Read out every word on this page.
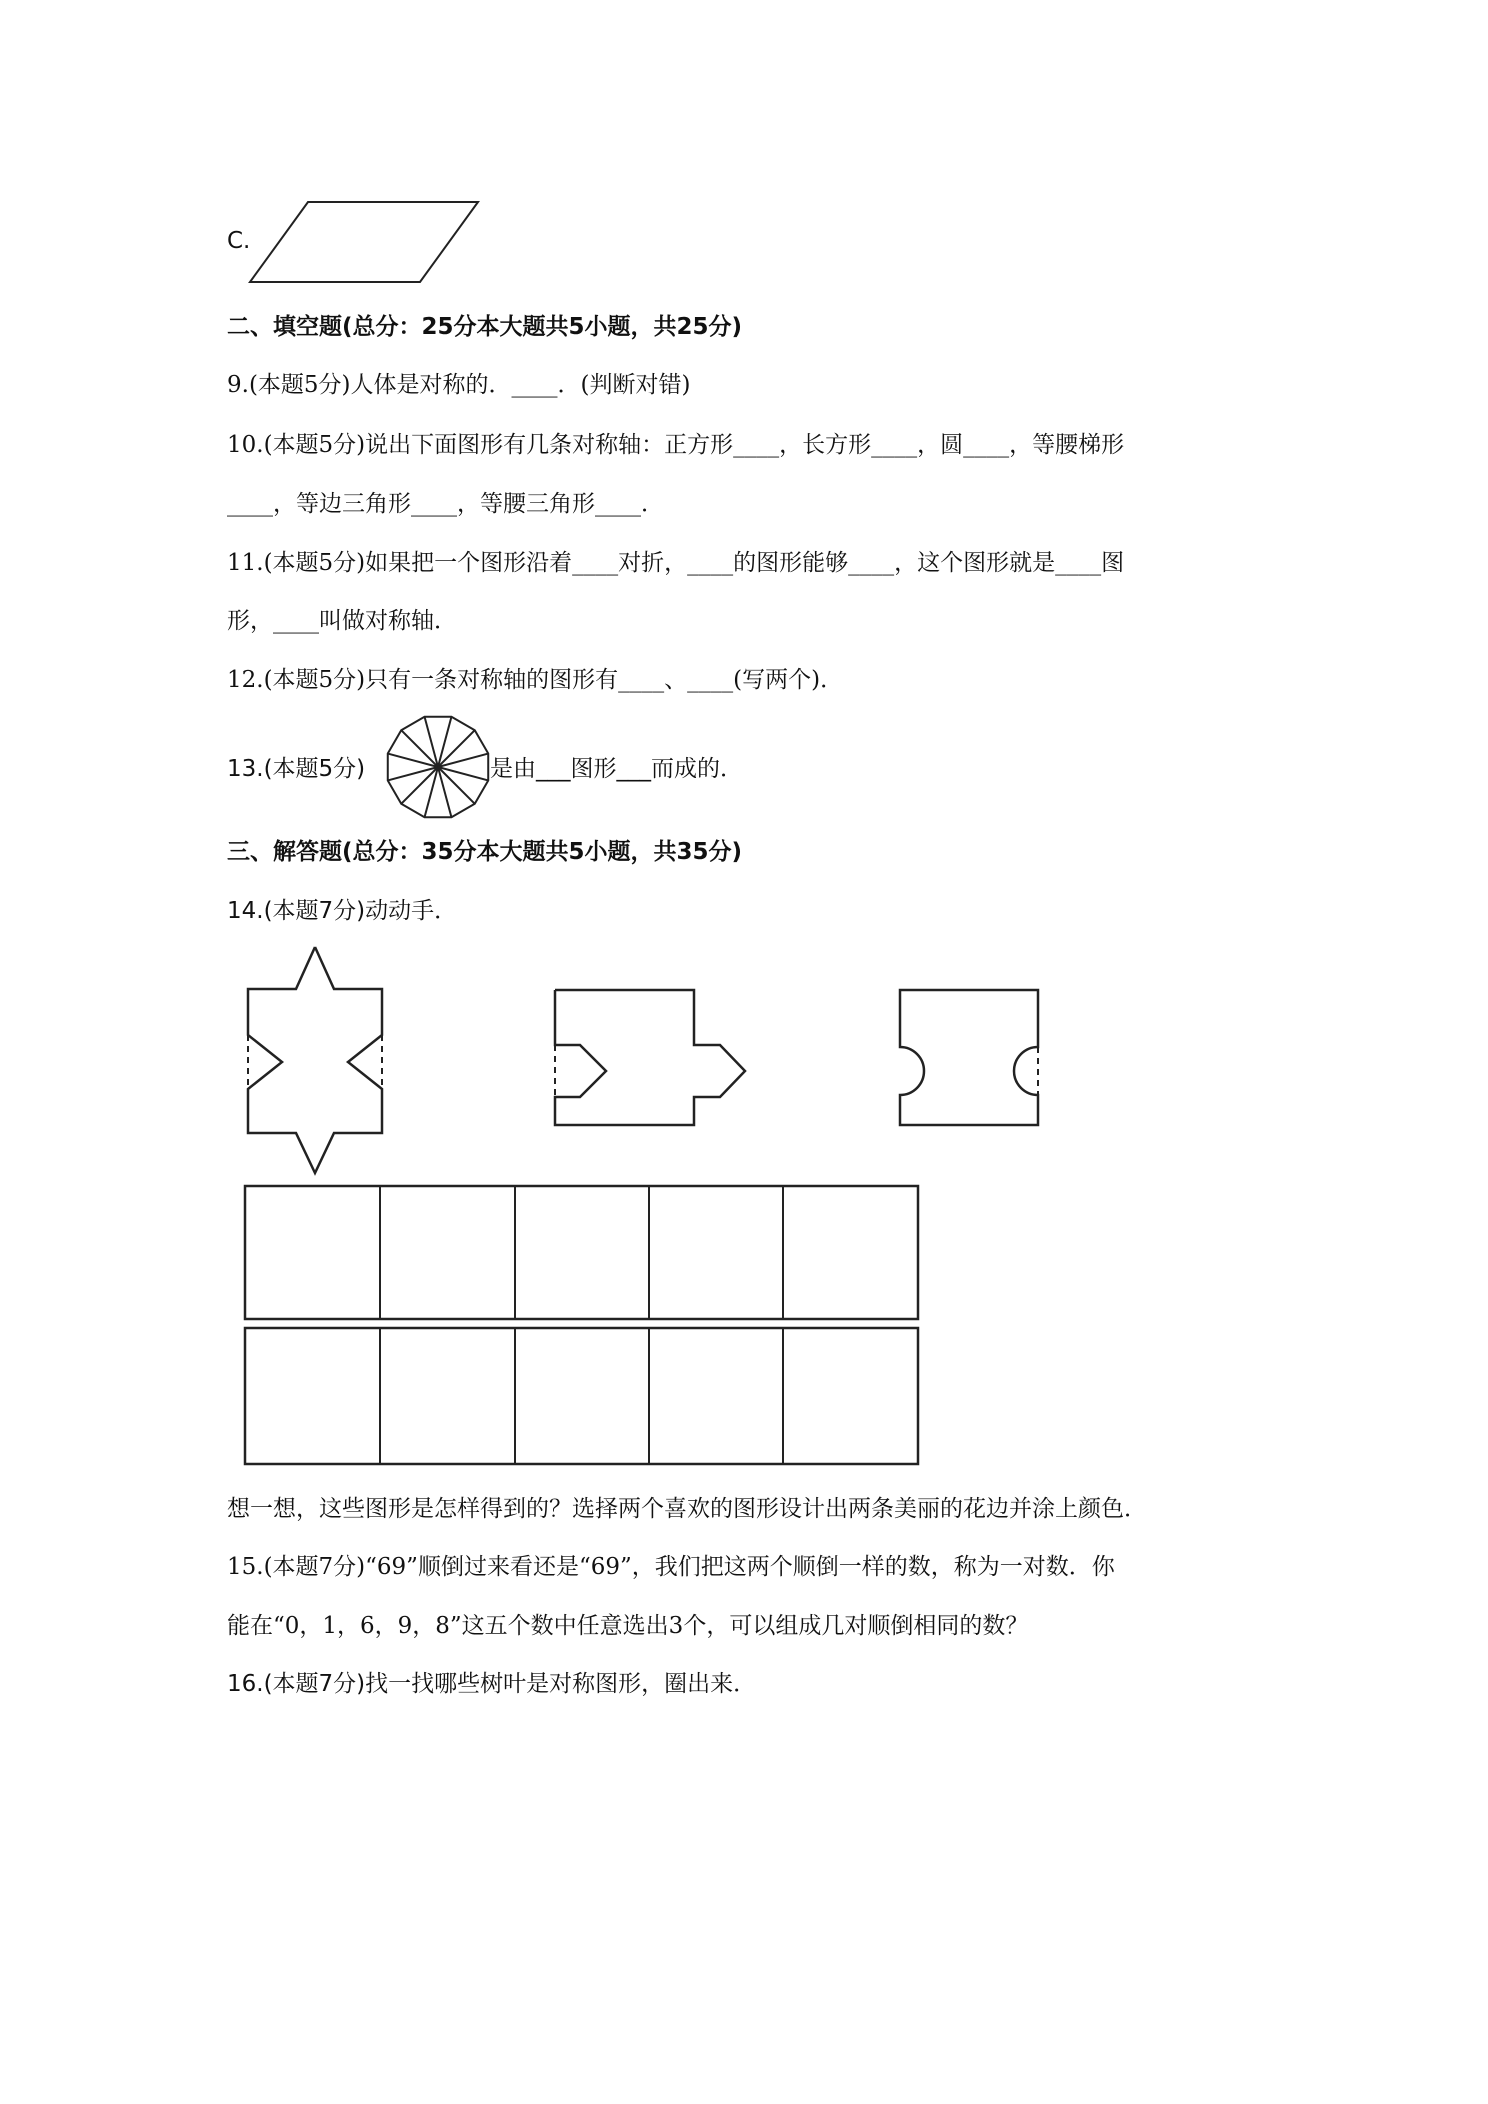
C.
二、填空题(总分：25分本大题共5小题，共25分)
9.(本题5分)人体是对称的．____．(判断对错)
10.(本题5分)说出下面图形有几条对称轴：正方形____，长方形____，圆____，等腰梯形
____，等边三角形____，等腰三角形____．
11.(本题5分)如果把一个图形沿着____对折，____的图形能够____，这个图形就是____图
形，____叫做对称轴．
12.(本题5分)只有一条对称轴的图形有____、____(写两个)．
13.(本题5分)	是由___图形___而成的．
三、解答题(总分：35分本大题共5小题，共35分)
14.(本题7分)动动手．
想一想，这些图形是怎样得到的？选择两个喜欢的图形设计出两条美丽的花边并涂上颜色．
15.(本题7分)“69”顺倒过来看还是“69”，我们把这两个顺倒一样的数，称为一对数．你
能在“0，1，6，9，8”这五个数中任意选出3个，可以组成几对顺倒相同的数？
16.(本题7分)找一找哪些树叶是对称图形，圈出来．
